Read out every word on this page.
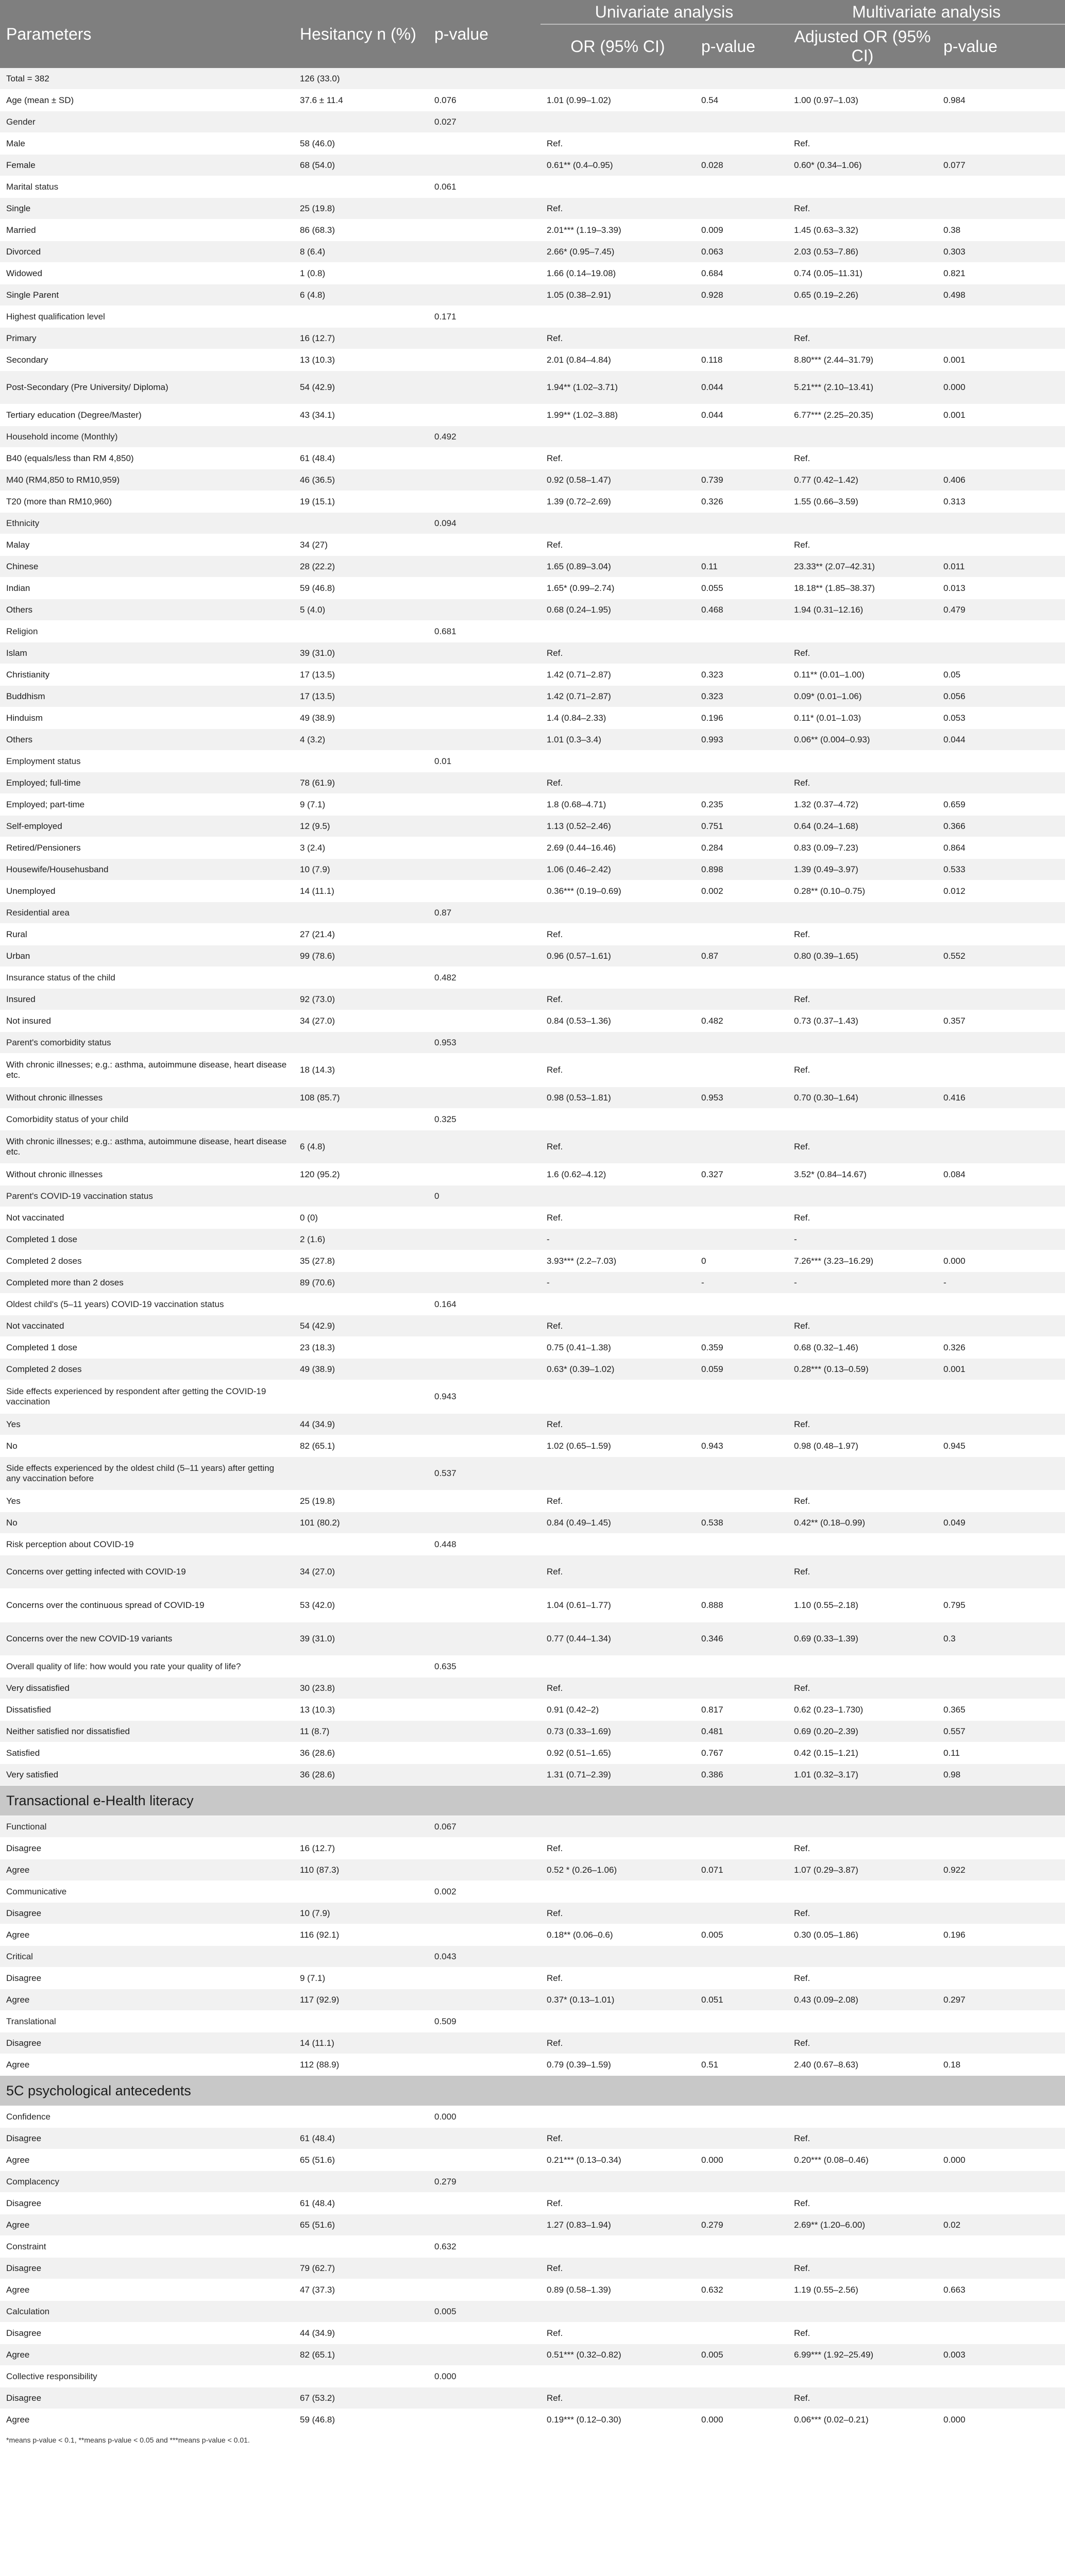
Parameters	Hesitancy n (%)	p-value	Univariate analysis		Multivariate analysis	
			OR (95% CI)	p-value	Adjusted OR (95% CI)	p-value
Total = 382	126 (33.0)					
Age (mean ± SD)	37.6 ± 11.4	0.076	1.01 (0.99–1.02)	0.54	1.00 (0.97–1.03)	0.984
Gender		0.027				
Male	58 (46.0)		Ref.		Ref.	
Female	68 (54.0)		0.61** (0.4–0.95)	0.028	0.60* (0.34–1.06)	0.077
Marital status		0.061				
Single	25 (19.8)		Ref.		Ref.	
Married	86 (68.3)		2.01*** (1.19–3.39)	0.009	1.45 (0.63–3.32)	0.38
Divorced	8 (6.4)		2.66* (0.95–7.45)	0.063	2.03 (0.53–7.86)	0.303
Widowed	1 (0.8)		1.66 (0.14–19.08)	0.684	0.74 (0.05–11.31)	0.821
Single Parent	6 (4.8)		1.05 (0.38–2.91)	0.928	0.65 (0.19–2.26)	0.498
Highest qualification level		0.171				
Primary	16 (12.7)		Ref.		Ref.	
Secondary	13 (10.3)		2.01 (0.84–4.84)	0.118	8.80*** (2.44–31.79)	0.001
Post-Secondary (Pre University/ Diploma)	54 (42.9)		1.94** (1.02–3.71)	0.044	5.21*** (2.10–13.41)	0.000
Tertiary education (Degree/Master)	43 (34.1)		1.99** (1.02–3.88)	0.044	6.77*** (2.25–20.35)	0.001
Household income (Monthly)		0.492				
B40 (equals/less than RM 4,850)	61 (48.4)		Ref.		Ref.	
M40 (RM4,850 to RM10,959)	46 (36.5)		0.92 (0.58–1.47)	0.739	0.77 (0.42–1.42)	0.406
T20 (more than RM10,960)	19 (15.1)		1.39 (0.72–2.69)	0.326	1.55 (0.66–3.59)	0.313
Ethnicity		0.094				
Malay	34 (27)		Ref.		Ref.	
Chinese	28 (22.2)		1.65 (0.89–3.04)	0.11	23.33** (2.07–42.31)	0.011
Indian	59 (46.8)		1.65* (0.99–2.74)	0.055	18.18** (1.85–38.37)	0.013
Others	5 (4.0)		0.68 (0.24–1.95)	0.468	1.94 (0.31–12.16)	0.479
Religion		0.681				
Islam	39 (31.0)		Ref.		Ref.	
Christianity	17 (13.5)		1.42 (0.71–2.87)	0.323	0.11** (0.01–1.00)	0.05
Buddhism	17 (13.5)		1.42 (0.71–2.87)	0.323	0.09* (0.01–1.06)	0.056
Hinduism	49 (38.9)		1.4 (0.84–2.33)	0.196	0.11* (0.01–1.03)	0.053
Others	4 (3.2)		1.01 (0.3–3.4)	0.993	0.06** (0.004–0.93)	0.044
Employment status		0.01				
Employed; full-time	78 (61.9)		Ref.		Ref.	
Employed; part-time	9 (7.1)		1.8 (0.68–4.71)	0.235	1.32 (0.37–4.72)	0.659
Self-employed	12 (9.5)		1.13 (0.52–2.46)	0.751	0.64 (0.24–1.68)	0.366
Retired/Pensioners	3 (2.4)		2.69 (0.44–16.46)	0.284	0.83 (0.09–7.23)	0.864
Housewife/Househusband	10 (7.9)		1.06 (0.46–2.42)	0.898	1.39 (0.49–3.97)	0.533
Unemployed	14 (11.1)		0.36*** (0.19–0.69)	0.002	0.28** (0.10–0.75)	0.012
Residential area		0.87				
Rural	27 (21.4)		Ref.		Ref.	
Urban	99 (78.6)		0.96 (0.57–1.61)	0.87	0.80 (0.39–1.65)	0.552
Insurance status of the child		0.482				
Insured	92 (73.0)		Ref.		Ref.	
Not insured	34 (27.0)		0.84 (0.53–1.36)	0.482	0.73 (0.37–1.43)	0.357
Parent's comorbidity status		0.953				
With chronic illnesses; e.g.: asthma, autoimmune disease, heart disease etc.	18 (14.3)		Ref.		Ref.	
Without chronic illnesses	108 (85.7)		0.98 (0.53–1.81)	0.953	0.70 (0.30–1.64)	0.416
Comorbidity status of your child		0.325				
With chronic illnesses; e.g.: asthma, autoimmune disease, heart disease etc.	6 (4.8)		Ref.		Ref.	
Without chronic illnesses	120 (95.2)		1.6 (0.62–4.12)	0.327	3.52* (0.84–14.67)	0.084
Parent's COVID-19 vaccination status		0				
Not vaccinated	0 (0)		Ref.		Ref.	
Completed 1 dose	2 (1.6)		-		-	
Completed 2 doses	35 (27.8)		3.93*** (2.2–7.03)	0	7.26*** (3.23–16.29)	0.000
Completed more than 2 doses	89 (70.6)		-	-	-	-
Oldest child's (5–11 years) COVID-19 vaccination status		0.164				
Not vaccinated	54 (42.9)		Ref.		Ref.	
Completed 1 dose	23 (18.3)		0.75 (0.41–1.38)	0.359	0.68 (0.32–1.46)	0.326
Completed 2 doses	49 (38.9)		0.63* (0.39–1.02)	0.059	0.28*** (0.13–0.59)	0.001
Side effects experienced by respondent after getting the COVID-19 vaccination		0.943				
Yes	44 (34.9)		Ref.		Ref.	
No	82 (65.1)		1.02 (0.65–1.59)	0.943	0.98 (0.48–1.97)	0.945
Side effects experienced by the oldest child (5–11 years) after getting any vaccination before		0.537				
Yes	25 (19.8)		Ref.		Ref.	
No	101 (80.2)		0.84 (0.49–1.45)	0.538	0.42** (0.18–0.99)	0.049
Risk perception about COVID-19		0.448				
Concerns over getting infected with COVID-19	34 (27.0)		Ref.		Ref.	
Concerns over the continuous spread of COVID-19	53 (42.0)		1.04 (0.61–1.77)	0.888	1.10 (0.55–2.18)	0.795
Concerns over the new COVID-19 variants	39 (31.0)		0.77 (0.44–1.34)	0.346	0.69 (0.33–1.39)	0.3
Overall quality of life: how would you rate your quality of life?		0.635				
Very dissatisfied	30 (23.8)		Ref.		Ref.	
Dissatisfied	13 (10.3)		0.91 (0.42–2)	0.817	0.62 (0.23–1.730)	0.365
Neither satisfied nor dissatisfied	11 (8.7)		0.73 (0.33–1.69)	0.481	0.69 (0.20–2.39)	0.557
Satisfied	36 (28.6)		0.92 (0.51–1.65)	0.767	0.42 (0.15–1.21)	0.11
Very satisfied	36 (28.6)		1.31 (0.71–2.39)	0.386	1.01 (0.32–3.17)	0.98
Transactional e-Health literacy						
Functional		0.067				
Disagree	16 (12.7)		Ref.		Ref.	
Agree	110 (87.3)		0.52 * (0.26–1.06)	0.071	1.07 (0.29–3.87)	0.922
Communicative		0.002				
Disagree	10 (7.9)		Ref.		Ref.	
Agree	116 (92.1)		0.18** (0.06–0.6)	0.005	0.30 (0.05–1.86)	0.196
Critical		0.043				
Disagree	9 (7.1)		Ref.		Ref.	
Agree	117 (92.9)		0.37* (0.13–1.01)	0.051	0.43 (0.09–2.08)	0.297
Translational		0.509				
Disagree	14 (11.1)		Ref.		Ref.	
Agree	112 (88.9)		0.79 (0.39–1.59)	0.51	2.40 (0.67–8.63)	0.18
5C psychological antecedents						
Confidence		0.000				
Disagree	61 (48.4)		Ref.		Ref.	
Agree	65 (51.6)		0.21*** (0.13–0.34)	0.000	0.20*** (0.08–0.46)	0.000
Complacency		0.279				
Disagree	61 (48.4)		Ref.		Ref.	
Agree	65 (51.6)		1.27 (0.83–1.94)	0.279	2.69** (1.20–6.00)	0.02
Constraint		0.632				
Disagree	79 (62.7)		Ref.		Ref.	
Agree	47 (37.3)		0.89 (0.58–1.39)	0.632	1.19 (0.55–2.56)	0.663
Calculation		0.005				
Disagree	44 (34.9)		Ref.		Ref.	
Agree	82 (65.1)		0.51*** (0.32–0.82)	0.005	6.99*** (1.92–25.49)	0.003
Collective responsibility		0.000				
Disagree	67 (53.2)		Ref.		Ref.	
Agree	59 (46.8)		0.19*** (0.12–0.30)	0.000	0.06*** (0.02–0.21)	0.000
*means p-value < 0.1, **means p-value < 0.05 and ***means p-value < 0.01.
